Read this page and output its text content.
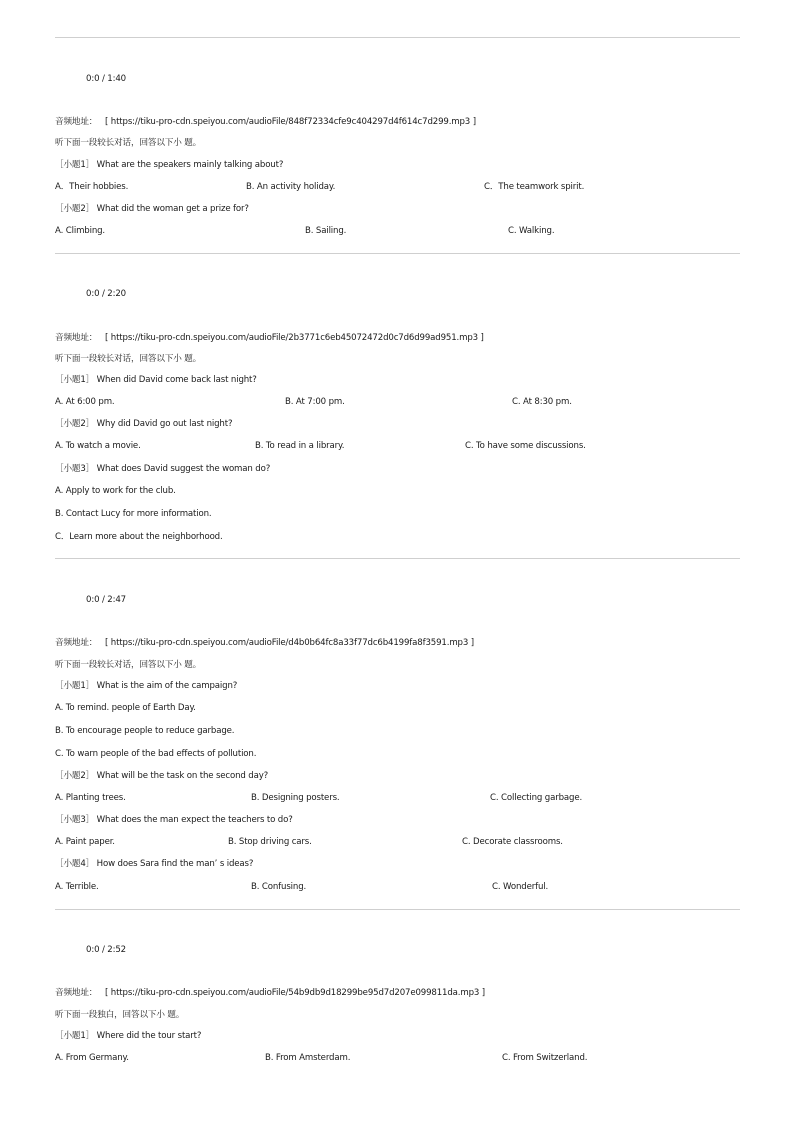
0:0 / 1:40
音频地址： [ https://tiku-pro-cdn.speiyou.com/audioFile/848f72334cfe9c404297d4f614c7d299.mp3 ]
听下面一段较长对话，回答以下小 题。
［小题1］ What are the speakers mainly talking about?
A．Their hobbies.	B. An activity holiday.	C．The teamwork spirit.
［小题2］ What did the woman get a prize for?
A. Climbing.	B. Sailing.	C. Walking.
0:0 / 2:20
音频地址： [ https://tiku-pro-cdn.speiyou.com/audioFile/2b3771c6eb45072472d0c7d6d99ad951.mp3 ]
听下面一段较长对话，回答以下小 题。
［小题1］ When did David come back last night?
A. At 6:00 pm.	B. At 7:00 pm.	C. At 8:30 pm.
［小题2］ Why did David go out last night?
A. To watch a movie.	B. To read in a library.	C. To have some discussions.
［小题3］ What does David suggest the woman do?
A. Apply to work for the club.
B. Contact Lucy for more information.
C．Learn more about the neighborhood.
0:0 / 2:47
音频地址： [ https://tiku-pro-cdn.speiyou.com/audioFile/d4b0b64fc8a33f77dc6b4199fa8f3591.mp3 ]
听下面一段较长对话，回答以下小 题。
［小题1］ What is the aim of the campaign?
A. To remind. people of Earth Day.
B. To encourage people to reduce garbage.
C. To warn people of the bad effects of pollution.
［小题2］ What will be the task on the second day?
A. Planting trees.	B. Designing posters.	C. Collecting garbage.
［小题3］ What does the man expect the teachers to do?
A. Paint paper.	B. Stop driving cars.	C. Decorate classrooms.
［小题4］ How does Sara find the man’ s ideas?
A. Terrible.	B. Confusing.	C. Wonderful.
0:0 / 2:52
音频地址： [ https://tiku-pro-cdn.speiyou.com/audioFile/54b9db9d18299be95d7d207e099811da.mp3 ]
听下面一段独白，回答以下小 题。
［小题1］ Where did the tour start?
A. From Germany.	B. From Amsterdam.	C. From Switzerland.
